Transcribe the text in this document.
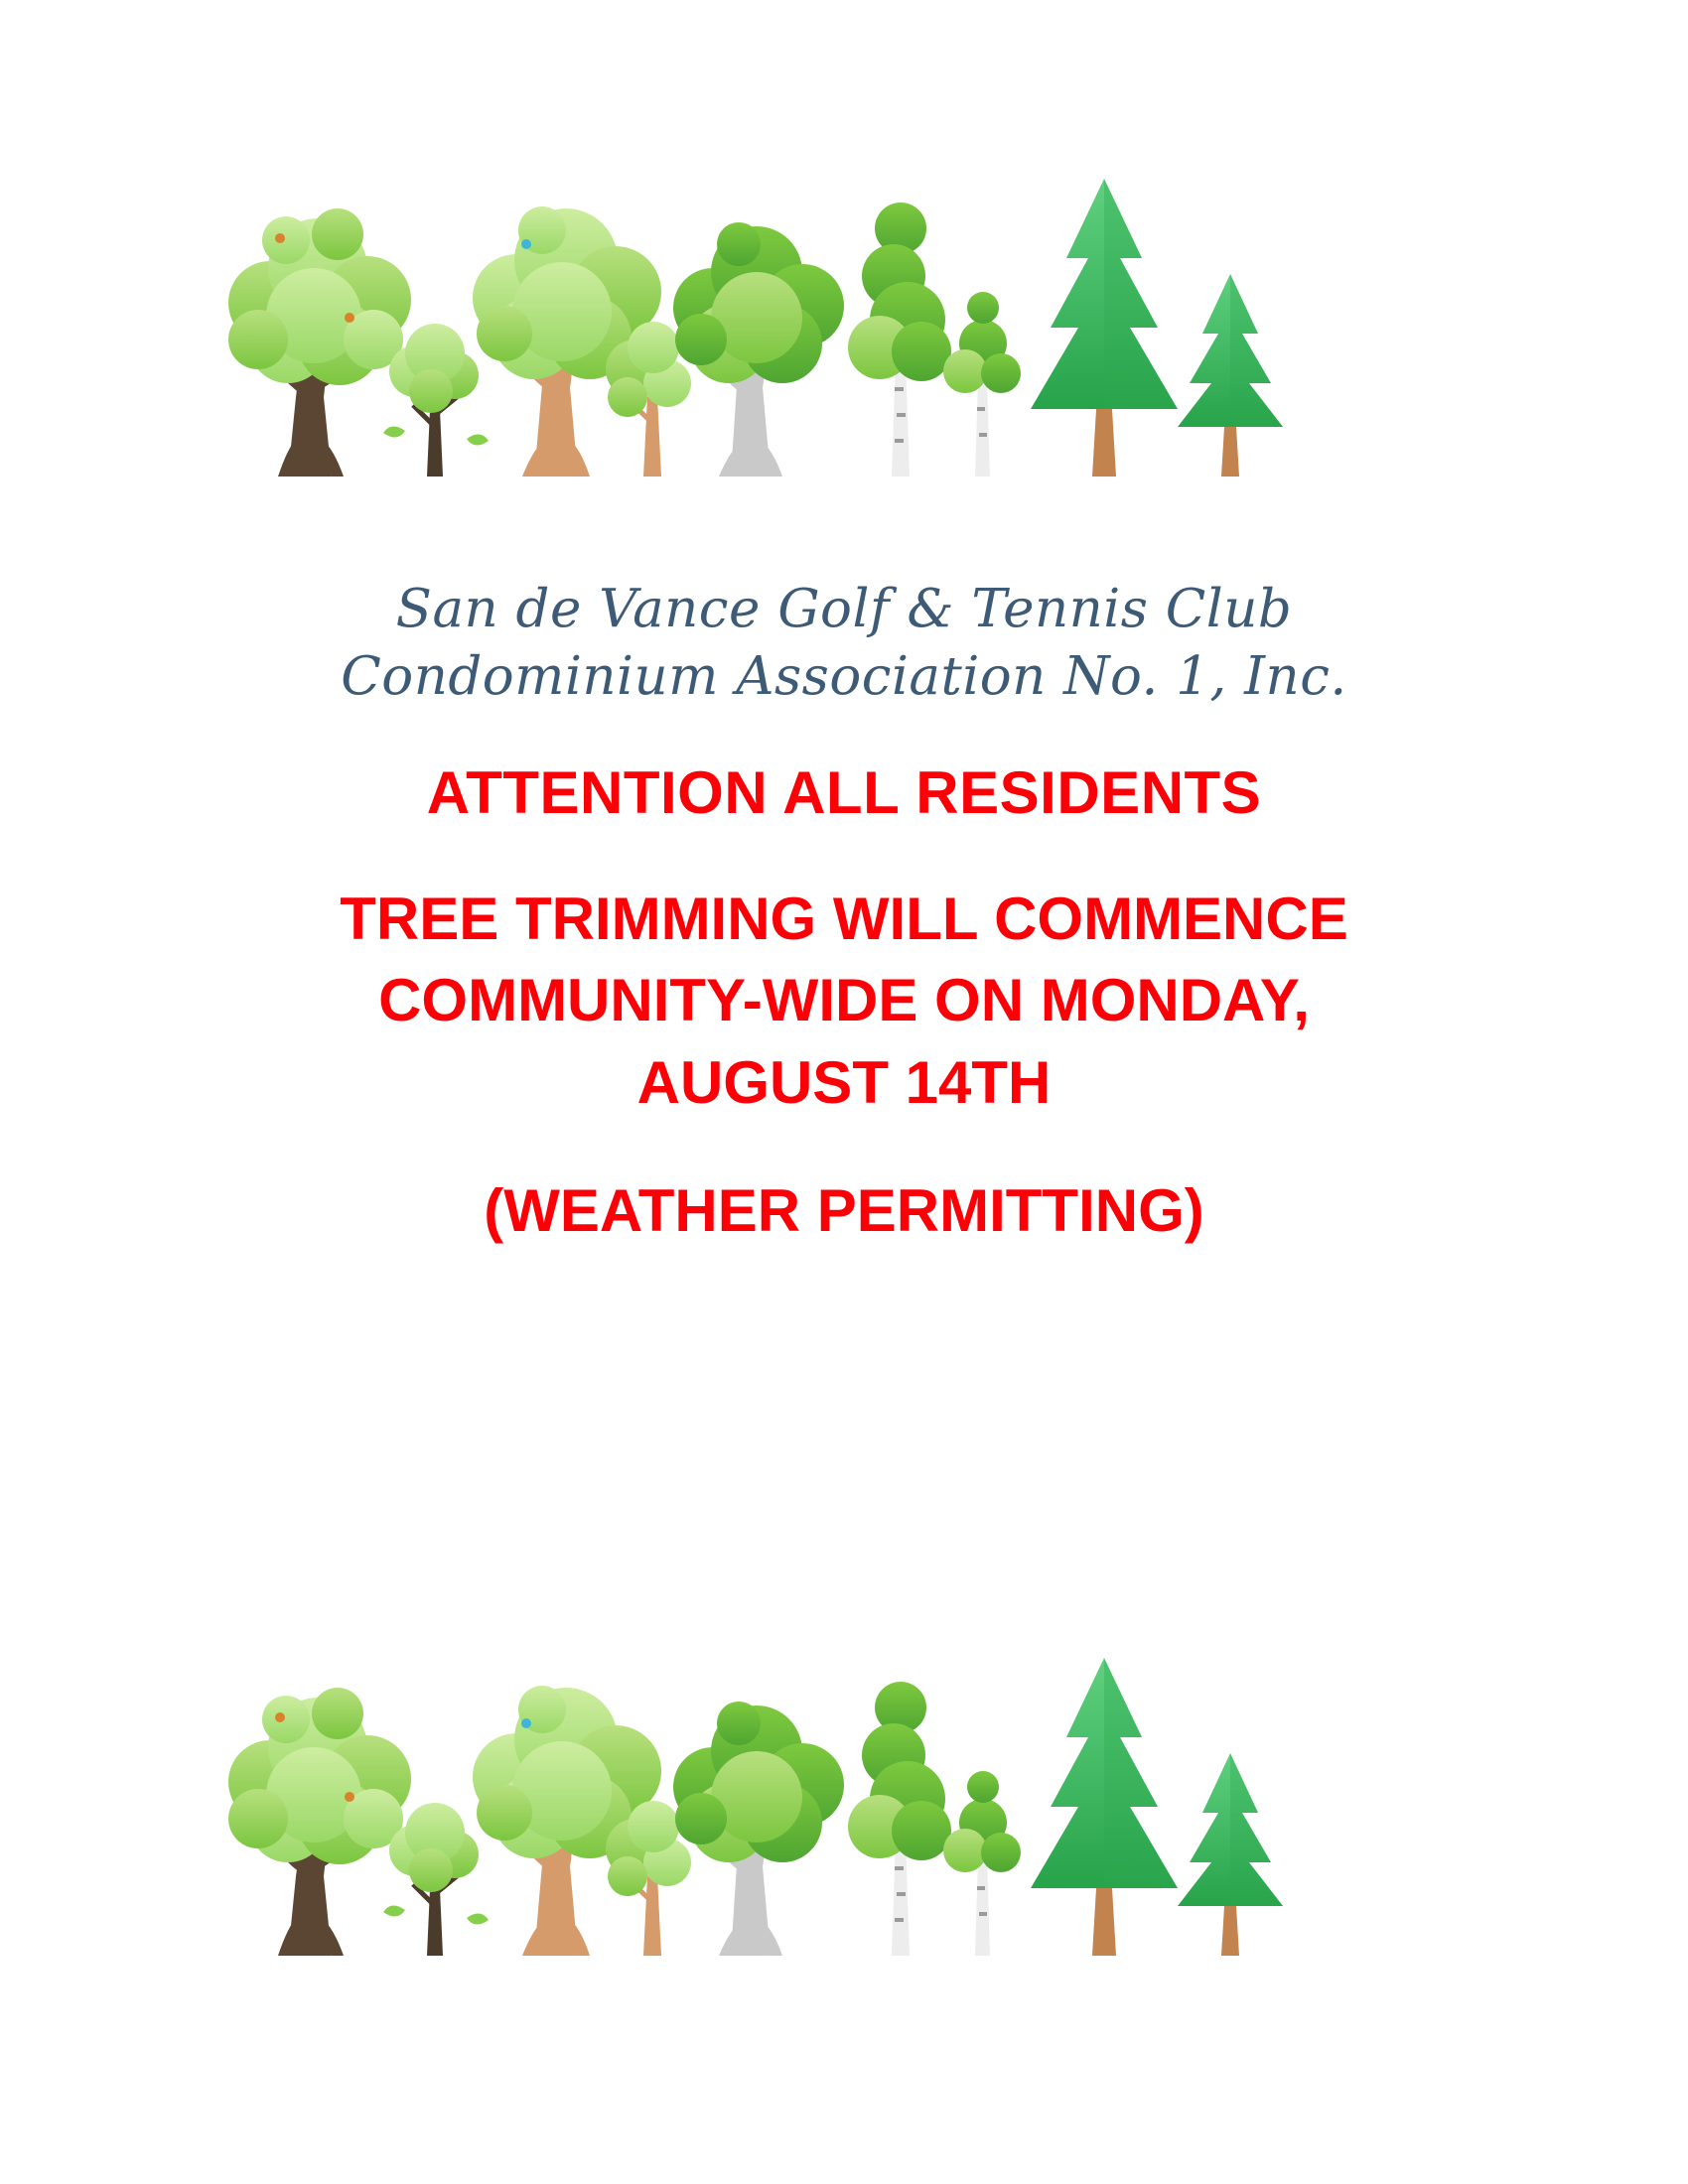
San de Vance Golf & Tennis Club
Condominium Association No. 1, Inc.
ATTENTION ALL RESIDENTS
TREE TRIMMING WILL COMMENCE
COMMUNITY-WIDE ON MONDAY,
AUGUST 14TH
(WEATHER PERMITTING)
